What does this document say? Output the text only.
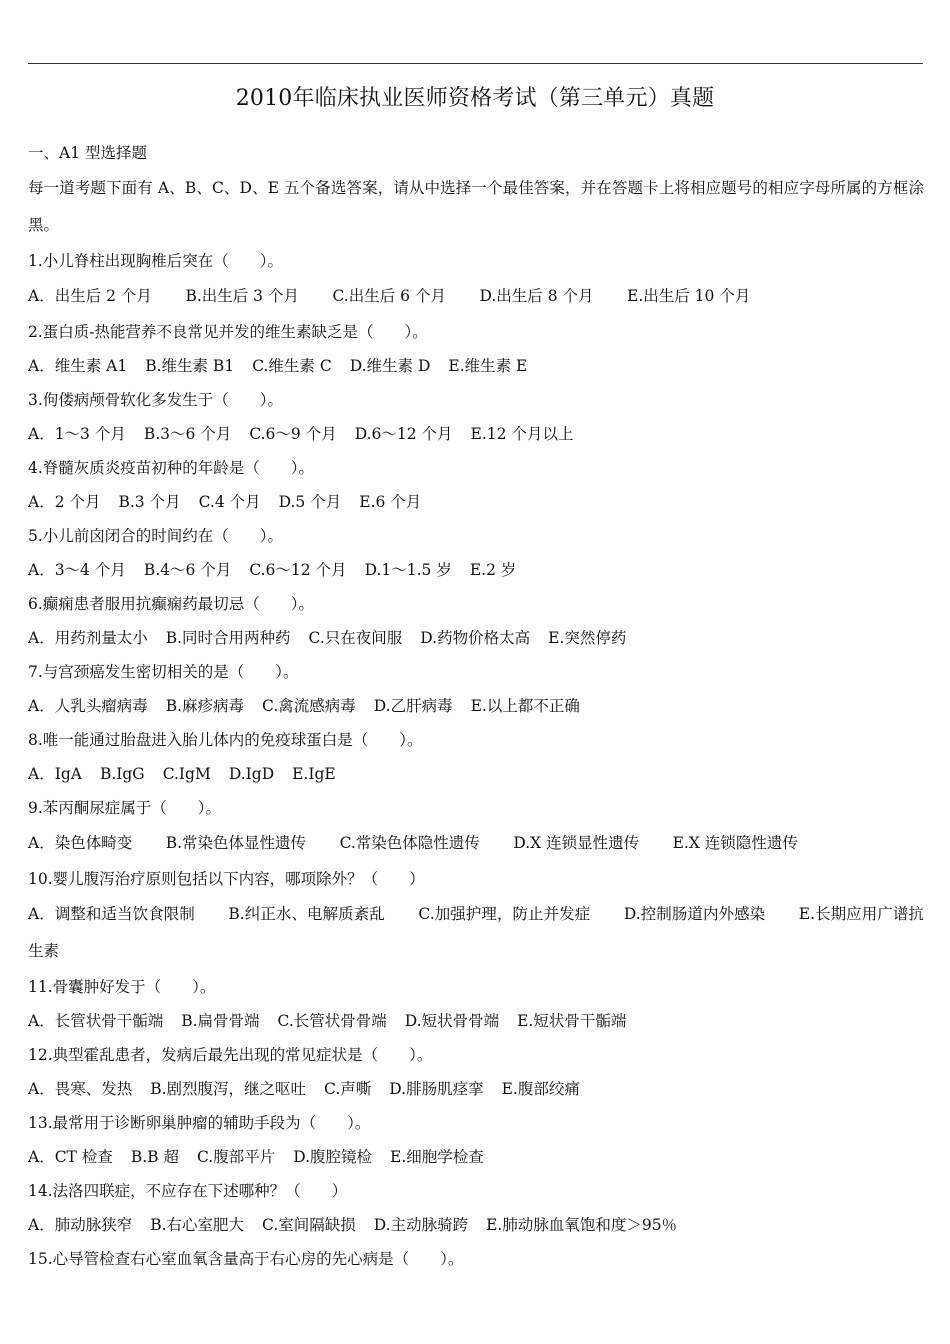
2010年临床执业医师资格考试（第三单元）真题
一、A1 型选择题
每一道考题下面有 A、B、C、D、E 五个备选答案，请从中选择一个最佳答案，并在答题卡上将相应题号的相应字母所属的方框涂黑。
1.小儿脊柱出现胸椎后突在（　　）。
A．出生后 2 个月　 B.出生后 3 个月　 C.出生后 6 个月　 D.出生后 8 个月　 E.出生后 10 个月
2.蛋白质-热能营养不良常见并发的维生素缺乏是（　　）。
A．维生素 A1 B.维生素 B1 C.维生素 C D.维生素 D E.维生素 E
3.佝偻病颅骨软化多发生于（　　）。
A．1～3 个月 B.3～6 个月 C.6～9 个月 D.6～12 个月 E.12 个月以上
4.脊髓灰质炎疫苗初种的年龄是（　　）。
A．2 个月 B.3 个月 C.4 个月 D.5 个月 E.6 个月
5.小儿前囟闭合的时间约在（　　）。
A．3～4 个月 B.4～6 个月 C.6～12 个月 D.1～1.5 岁 E.2 岁
6.癫痫患者服用抗癫痫药最切忌（　　）。
A．用药剂量太小 B.同时合用两种药 C.只在夜间服 D.药物价格太高 E.突然停药
7.与宫颈癌发生密切相关的是（　　）。
A．人乳头瘤病毒 B.麻疹病毒 C.禽流感病毒 D.乙肝病毒 E.以上都不正确
8.唯一能通过胎盘进入胎儿体内的免疫球蛋白是（　　）。
A．IgA B.IgG C.IgM D.IgD E.IgE
9.苯丙酮尿症属于（　　）。
A．染色体畸变　 B.常染色体显性遗传　 C.常染色体隐性遗传　 D.X 连锁显性遗传　 E.X 连锁隐性遗传
10.婴儿腹泻治疗原则包括以下内容，哪项除外？（　　）
A．调整和适当饮食限制　 B.纠正水、电解质紊乱　 C.加强护理，防止并发症　 D.控制肠道内外感染　 E.长期应用广谱抗生素
11.骨囊肿好发于（　　）。
A．长管状骨干骺端 B.扁骨骨端 C.长管状骨骨端 D.短状骨骨端 E.短状骨干骺端
12.典型霍乱患者，发病后最先出现的常见症状是（　　）。
A．畏寒、发热 B.剧烈腹泻，继之呕吐 C.声嘶 D.腓肠肌痉挛 E.腹部绞痛
13.最常用于诊断卵巢肿瘤的辅助手段为（　　）。
A．CT 检查 B.B 超 C.腹部平片 D.腹腔镜检 E.细胞学检查
14.法洛四联症，不应存在下述哪种？（　　）
A．肺动脉狭窄 B.右心室肥大 C.室间隔缺损 D.主动脉骑跨 E.肺动脉血氧饱和度＞95％
15.心导管检查右心室血氧含量高于右心房的先心病是（　　）。
